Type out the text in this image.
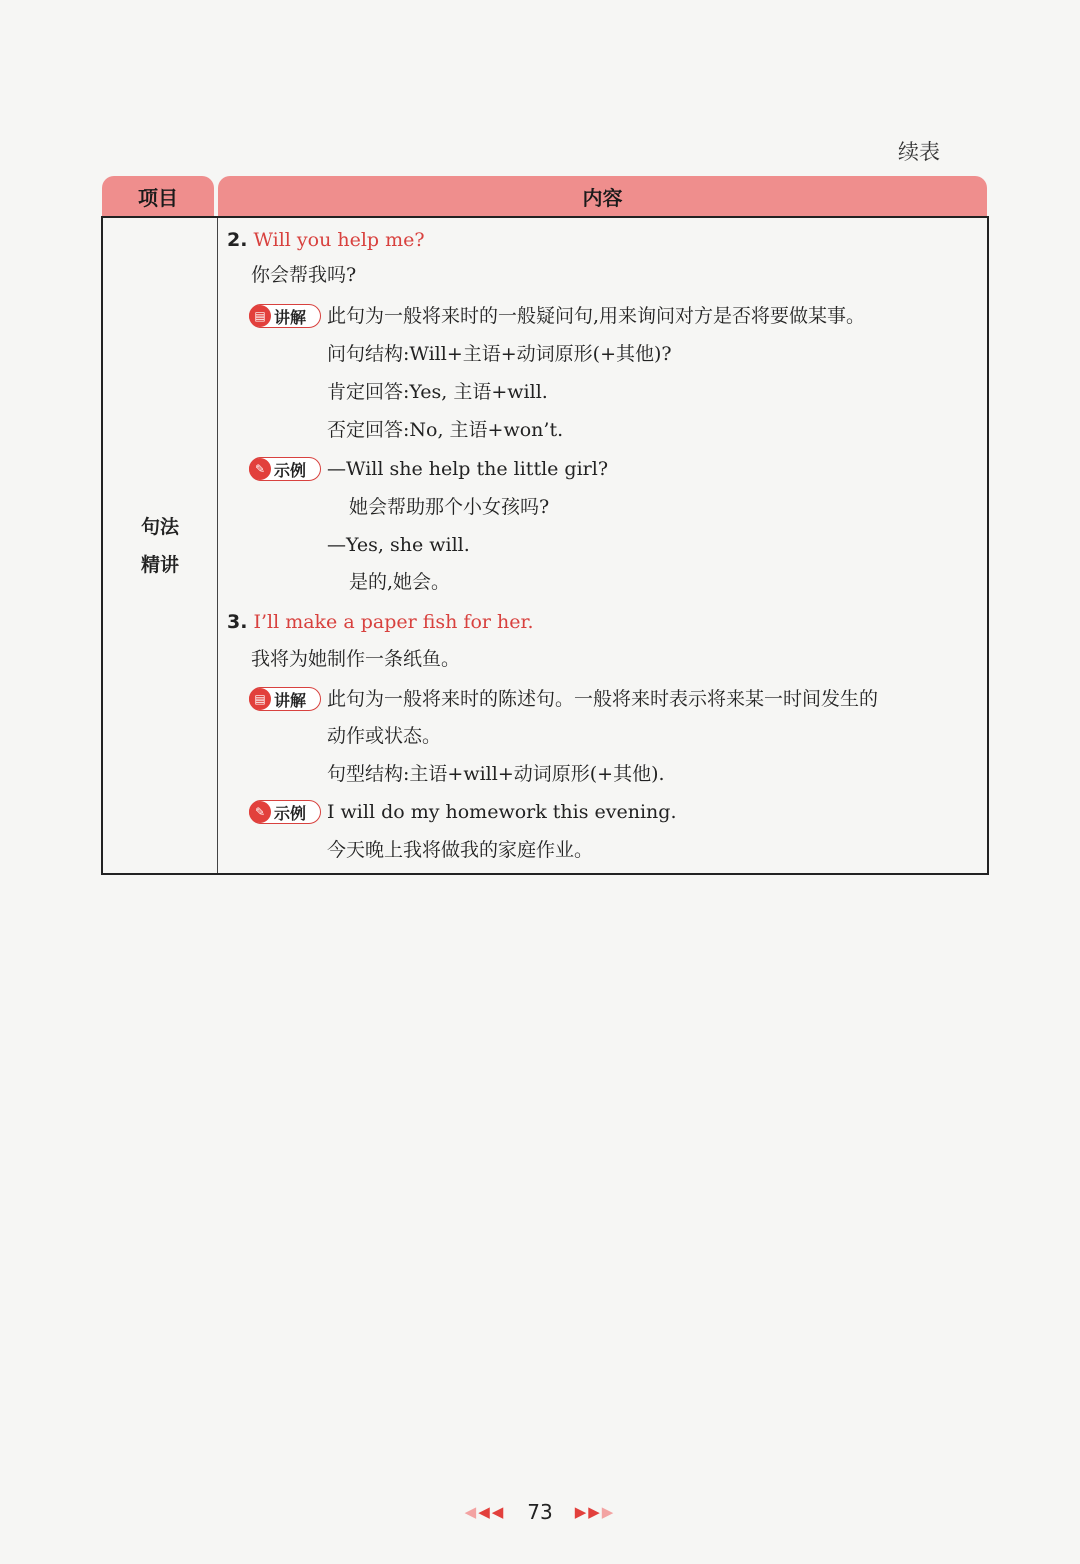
续表
项目	内容
句法
精讲
2. Will you help me?
你会帮我吗?
▤ 讲解 此句为一般将来时的一般疑问句,用来询问对方是否将要做某事。
问句结构:Will+主语+动词原形(+其他)?
肯定回答:Yes, 主语+will.
否定回答:No, 主语+won’t.
✎ 示例 —Will she help the little girl?
她会帮助那个小女孩吗?
—Yes, she will.
是的,她会。
3. I’ll make a paper fish for her.
我将为她制作一条纸鱼。
▤ 讲解 此句为一般将来时的陈述句。一般将来时表示将来某一时间发生的
动作或状态。
句型结构:主语+will+动词原形(+其他).
✎ 示例 I will do my homework this evening.
今天晚上我将做我的家庭作业。
◀◀◀ 73 ▶▶▶
